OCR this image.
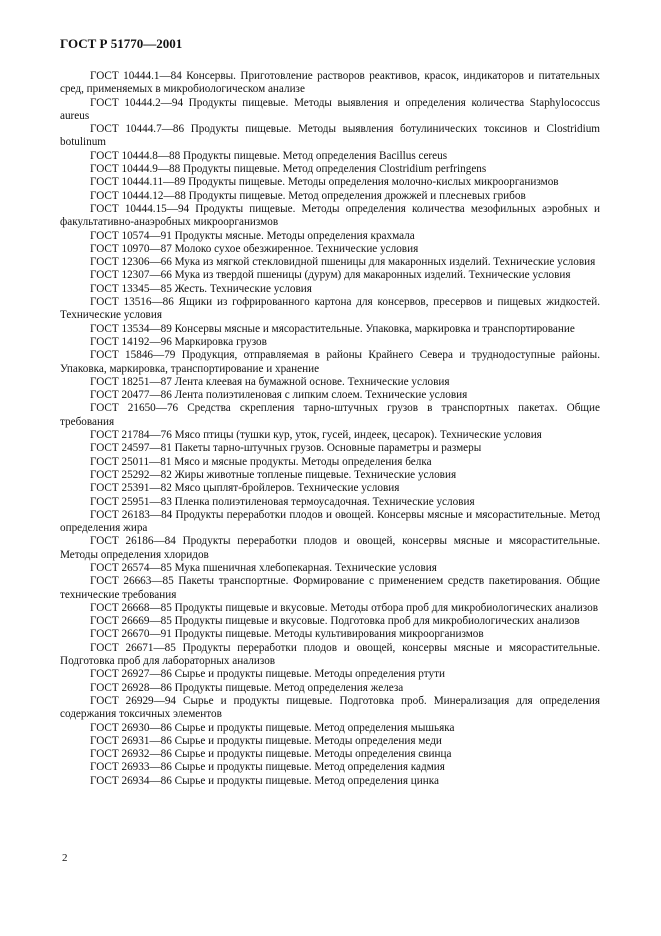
ГОСТ Р 51770—2001

ГОСТ 10444.1—84 Консервы. Приготовление растворов реактивов, красок, индикаторов и питательных сред, применяемых в микробиологическом анализе

ГОСТ 10444.2—94 Продукты пищевые. Методы выявления и определения количества Staphylococcus aureus

ГОСТ 10444.7—86 Продукты пищевые. Методы выявления ботулинических токсинов и Clostridium botulinum

ГОСТ 10444.8—88 Продукты пищевые. Метод определения Bacillus cereus

ГОСТ 10444.9—88 Продукты пищевые. Метод определения Clostridium perfringens

ГОСТ 10444.11—89 Продукты пищевые. Методы определения молочно-кислых микроорганизмов

ГОСТ 10444.12—88 Продукты пищевые. Метод определения дрожжей и плесневых грибов

ГОСТ 10444.15—94 Продукты пищевые. Методы определения количества мезофильных аэробных и факультативно-анаэробных микроорганизмов

ГОСТ 10574—91 Продукты мясные. Методы определения крахмала

ГОСТ 10970—87 Молоко сухое обезжиренное. Технические условия

ГОСТ 12306—66 Мука из мягкой стекловидной пшеницы для макаронных изделий. Технические условия

ГОСТ 12307—66 Мука из твердой пшеницы (дурум) для макаронных изделий. Технические условия

ГОСТ 13345—85 Жесть. Технические условия

ГОСТ 13516—86 Ящики из гофрированного картона для консервов, пресервов и пищевых жидкостей. Технические условия

ГОСТ 13534—89 Консервы мясные и мясорастительные. Упаковка, маркировка и транспортирование

ГОСТ 14192—96 Маркировка грузов

ГОСТ 15846—79 Продукция, отправляемая в районы Крайнего Севера и труднодоступные районы. Упаковка, маркировка, транспортирование и хранение

ГОСТ 18251—87 Лента клеевая на бумажной основе. Технические условия

ГОСТ 20477—86 Лента полиэтиленовая с липким слоем. Технические условия

ГОСТ 21650—76 Средства скрепления тарно-штучных грузов в транспортных пакетах. Общие требования

ГОСТ 21784—76 Мясо птицы (тушки кур, уток, гусей, индеек, цесарок). Технические условия

ГОСТ 24597—81 Пакеты тарно-штучных грузов. Основные параметры и размеры

ГОСТ 25011—81 Мясо и мясные продукты. Методы определения белка

ГОСТ 25292—82 Жиры животные топленые пищевые. Технические условия

ГОСТ 25391—82 Мясо цыплят-бройлеров. Технические условия

ГОСТ 25951—83 Пленка полиэтиленовая термоусадочная. Технические условия

ГОСТ 26183—84 Продукты переработки плодов и овощей. Консервы мясные и мясорастительные. Метод определения жира

ГОСТ 26186—84 Продукты переработки плодов и овощей, консервы мясные и мясорастительные. Методы определения хлоридов

ГОСТ 26574—85 Мука пшеничная хлебопекарная. Технические условия

ГОСТ 26663—85 Пакеты транспортные. Формирование с применением средств пакетирования. Общие технические требования

ГОСТ 26668—85 Продукты пищевые и вкусовые. Методы отбора проб для микробиологических анализов

ГОСТ 26669—85 Продукты пищевые и вкусовые. Подготовка проб для микробиологических анализов

ГОСТ 26670—91 Продукты пищевые. Методы культивирования микроорганизмов

ГОСТ 26671—85 Продукты переработки плодов и овощей, консервы мясные и мясорастительные. Подготовка проб для лабораторных анализов

ГОСТ 26927—86 Сырье и продукты пищевые. Методы определения ртути

ГОСТ 26928—86 Продукты пищевые. Метод определения железа

ГОСТ 26929—94 Сырье и продукты пищевые. Подготовка проб. Минерализация для определения содержания токсичных элементов

ГОСТ 26930—86 Сырье и продукты пищевые. Метод определения мышьяка

ГОСТ 26931—86 Сырье и продукты пищевые. Методы определения меди

ГОСТ 26932—86 Сырье и продукты пищевые. Методы определения свинца

ГОСТ 26933—86 Сырье и продукты пищевые. Метод определения кадмия

ГОСТ 26934—86 Сырье и продукты пищевые. Метод определения цинка

2
